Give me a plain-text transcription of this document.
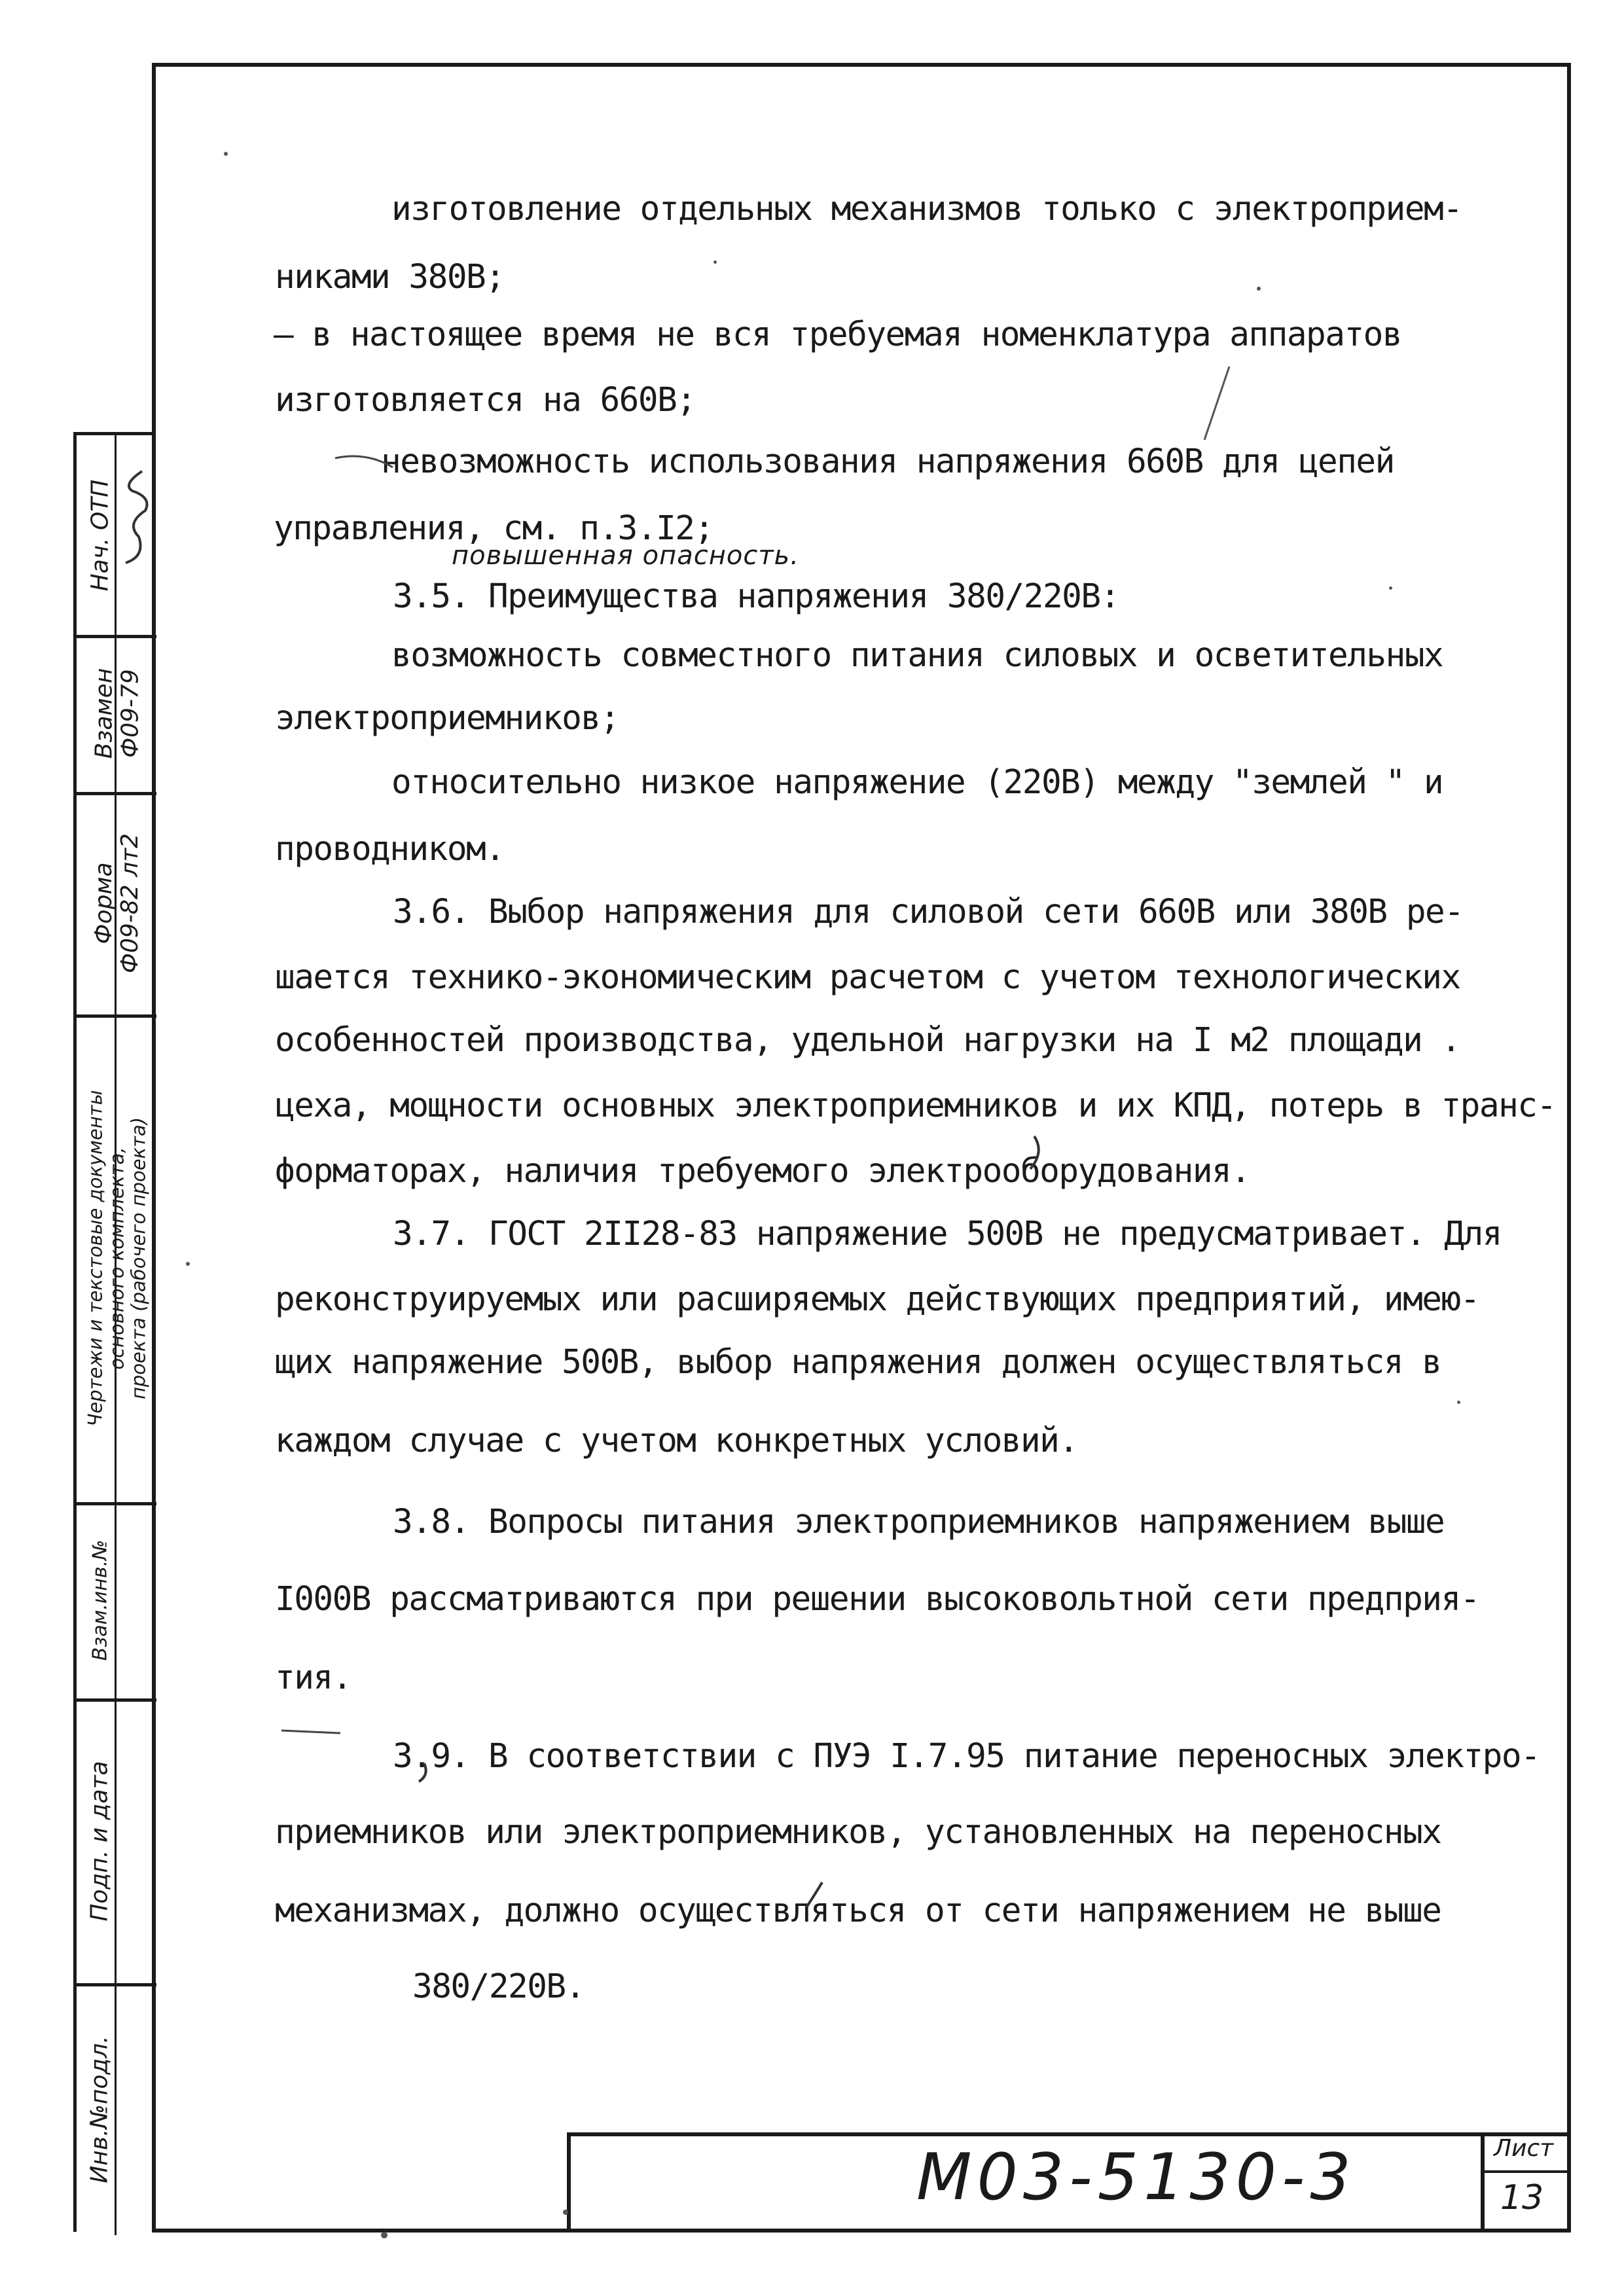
изготовление отдельных механизмов только с электроприем-
никами 380В;
– в настоящее время не вся требуемая номенклатура аппаратов
изготовляется на 660В;
невозможность использования напряжения 660В для цепей
управления, см. п.3.I2;
повышенная опасность.
3.5. Преимущества напряжения 380/220В:
возможность совместного питания силовых и осветительных
электроприемников;
относительно низкое напряжение (220В) между "землей " и
проводником.
3.6. Выбор напряжения для силовой сети 660В или 380В ре-
шается технико-экономическим расчетом с учетом технологических
особенностей производства, удельной нагрузки на I м2 площади .
цеха, мощности основных электроприемников и их КПД, потерь в транс-
форматорах, наличия требуемого электрооборудования.
3.7. ГОСТ 2II28-83 напряжение 500В не предусматривает. Для
реконструируемых или расширяемых действующих предприятий, имею-
щих напряжение 500В, выбор напряжения должен осуществляться в
каждом случае с учетом конкретных условий.
3.8. Вопросы питания электроприемников напряжением выше
I000В рассматриваются при решении высоковольтной сети предприя-
тия.
3.9. В соответствии с ПУЭ I.7.95 питание переносных электро-
приемников или электроприемников, установленных на переносных
механизмах, должно осуществляться от сети напряжением не выше
380/220В.
Нач. ОТП
Взамен Ф09-79
Форма Ф09-82 лт2
Чертежи и текстовые документы основного комплекта, проекта (рабочего проекта)
Взам.инв.№
Подп. и дата
Инв.№подл.	М03-5130-3	Лист
13
